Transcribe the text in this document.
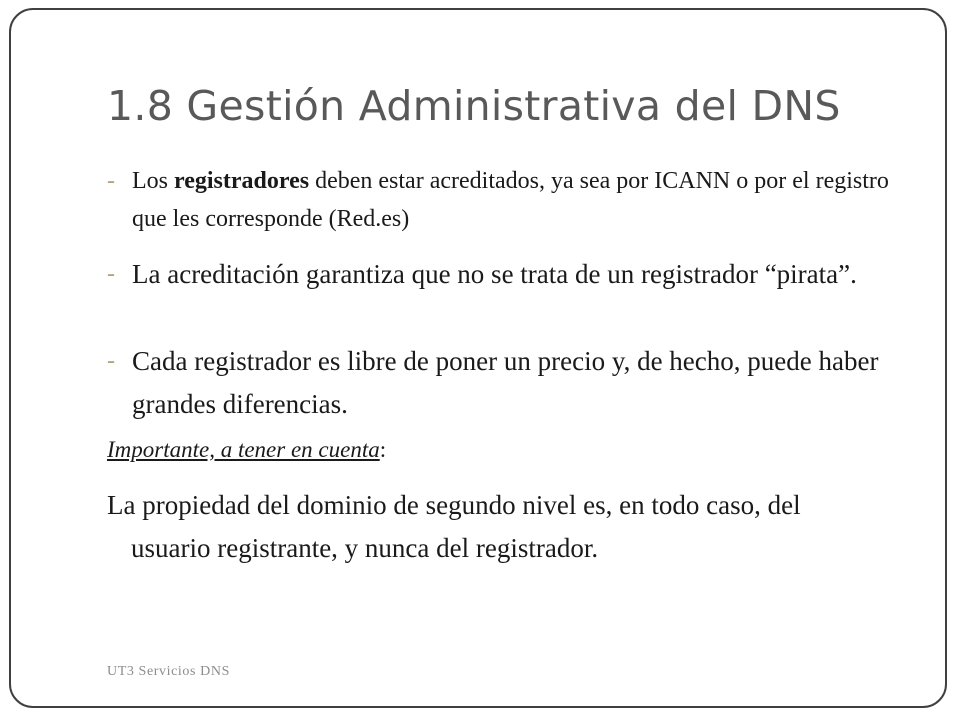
1.8 Gestión Administrativa del DNS
- Los registradores deben estar acreditados, ya sea por ICANN o por el registro que les corresponde (Red.es)
- La acreditación garantiza que no se trata de un registrador “pirata”.
- Cada registrador es libre de poner un precio y, de hecho, puede haber grandes diferencias.
Importante, a tener en cuenta:
La propiedad del dominio de segundo nivel es, en todo caso, del
usuario registrante, y nunca del registrador.
UT3 Servicios DNS
